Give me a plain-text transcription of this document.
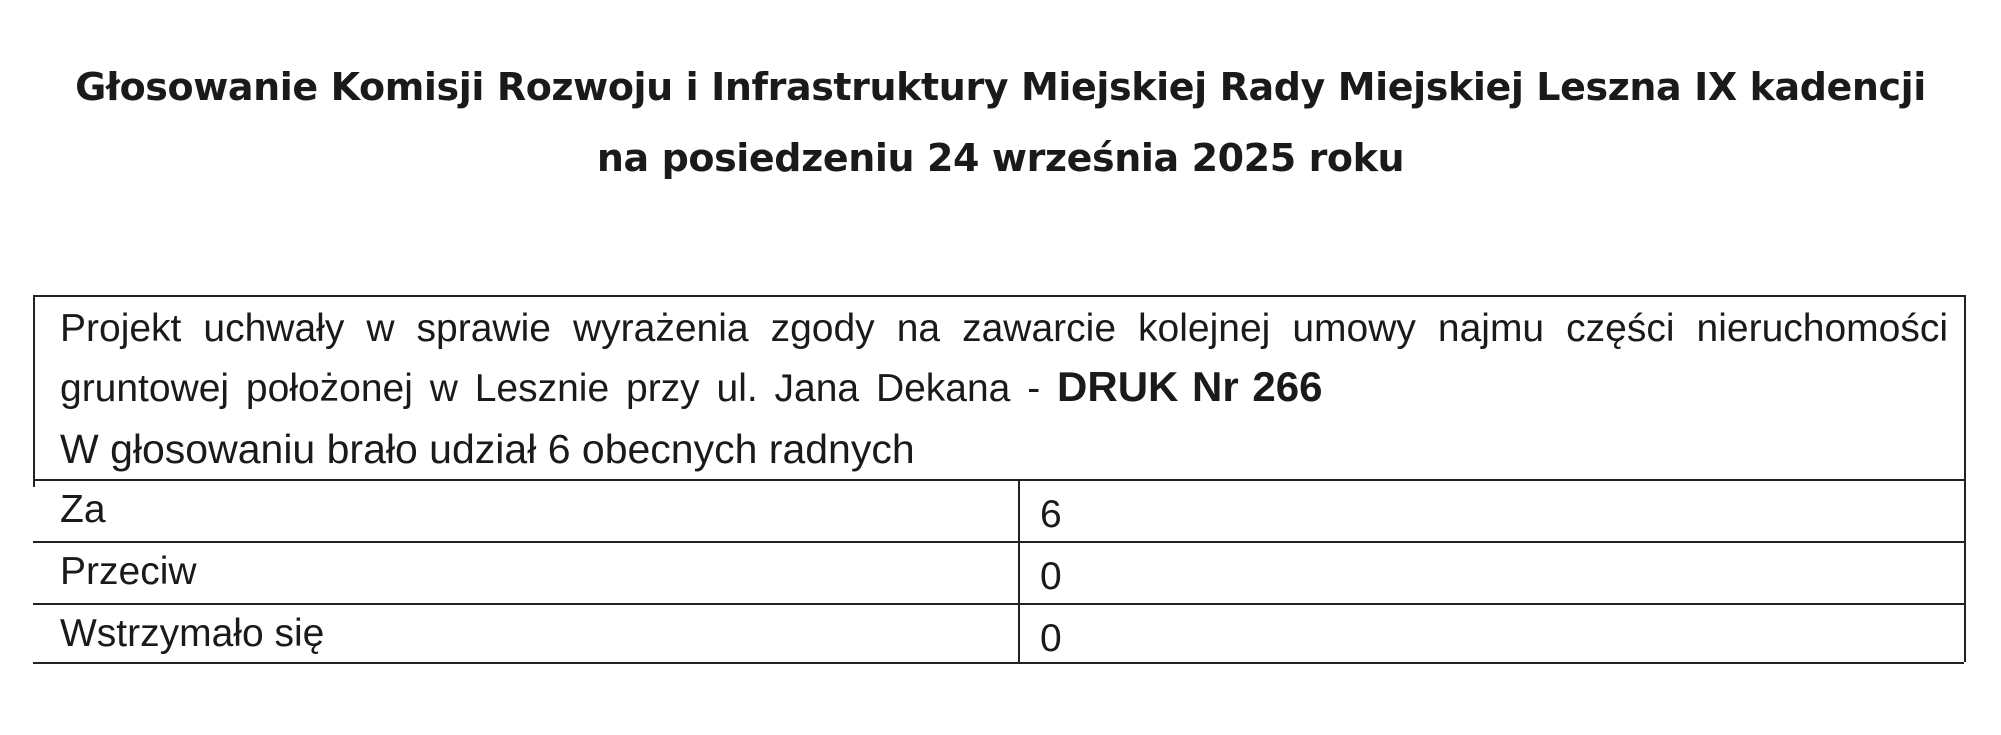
Głosowanie Komisji Rozwoju i Infrastruktury Miejskiej Rady Miejskiej Leszna IX kadencji
na posiedzeniu 24 września 2025 roku
Projekt uchwały w sprawie wyrażenia zgody na zawarcie kolejnej umowy najmu części nieruchomości gruntowej położonej w Lesznie przy ul. Jana Dekana - DRUK Nr 266
W głosowaniu brało udział 6 obecnych radnych
Za	6
Przeciw	0
Wstrzymało się	0
